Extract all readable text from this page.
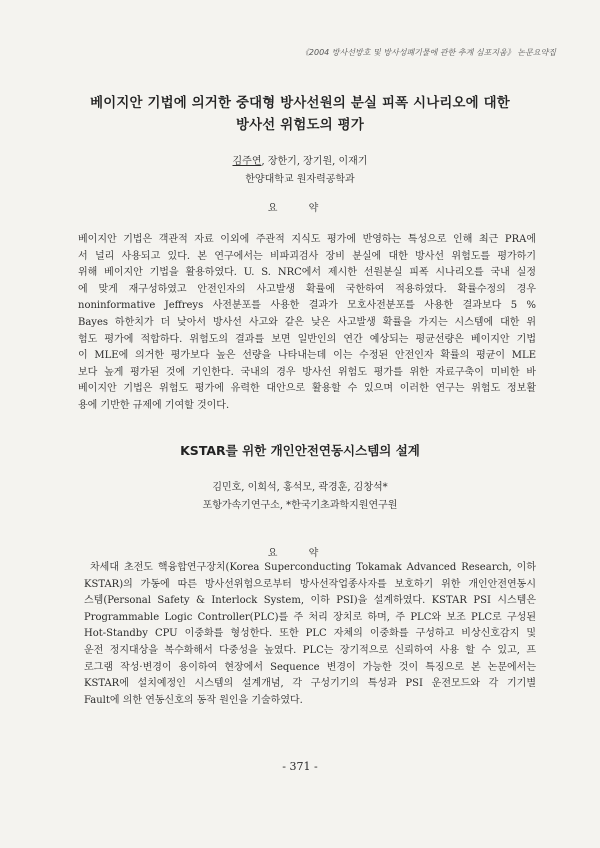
《2004 방사선방호 및 방사성폐기물에 관한 추계 심포지움》 논문요약집
베이지안 기법에 의거한 중대형 방사선원의 분실 피폭 시나리오에 대한
방사선 위험도의 평가
김주연, 장한기, 장기원, 이재기
한양대학교 원자력공학과
요 약
베이지안 기법은 객관적 자료 이외에 주관적 지식도 평가에 반영하는 특성으로 인해 최근 PRA에
서 널리 사용되고 있다. 본 연구에서는 비파괴검사 장비 분실에 대한 방사선 위험도를 평가하기
위해 베이지안 기법을 활용하였다. U. S. NRC에서 제시한 선원분실 피폭 시나리오를 국내 실정
에 맞게 재구성하였고 안전인자의 사고발생 확률에 국한하여 적용하였다. 확률수정의 경우
noninformative Jeffreys 사전분포를 사용한 결과가 모호사전분포를 사용한 결과보다 5 %
Bayes 하한치가 더 낮아서 방사선 사고와 같은 낮은 사고발생 확률을 가지는 시스템에 대한 위
험도 평가에 적합하다. 위험도의 결과를 보면 일반인의 연간 예상되는 평균선량은 베이지안 기법
이 MLE에 의거한 평가보다 높은 선량을 나타내는데 이는 수정된 안전인자 확률의 평균이 MLE
보다 높게 평가된 것에 기인한다. 국내의 경우 방사선 위험도 평가를 위한 자료구축이 미비한 바
베이지안 기법은 위험도 평가에 유력한 대안으로 활용할 수 있으며 이러한 연구는 위험도 정보활
용에 기반한 규제에 기여할 것이다.
KSTAR를 위한 개인안전연동시스템의 설계
김민호, 이희석, 홍석모, 곽경훈, 김창석*
포항가속기연구소, *한국기초과학지원연구원
요 약
차세대 초전도 핵융합연구장치(Korea Superconducting Tokamak Advanced Research, 이하
KSTAR)의 가동에 따른 방사선위험으로부터 방사선작업종사자를 보호하기 위한 개인안전연동시
스템(Personal Safety & Interlock System, 이하 PSI)을 설계하였다. KSTAR PSI 시스템은
Programmable Logic Controller(PLC)를 주 처리 장치로 하며, 주 PLC와 보조 PLC로 구성된
Hot-Standby CPU 이중화를 형성한다. 또한 PLC 자체의 이중화를 구성하고 비상신호감지 및
운전 정지대상을 복수화해서 다중성을 높였다. PLC는 장기적으로 신뢰하여 사용 할 수 있고, 프
로그램 작성·변경이 용이하여 현장에서 Sequence 변경이 가능한 것이 특징으로 본 논문에서는
KSTAR에 설치예정인 시스템의 설계개념, 각 구성기기의 특성과 PSI 운전모드와 각 기기별
Fault에 의한 연동신호의 동작 원인을 기술하였다.
- 371 -
